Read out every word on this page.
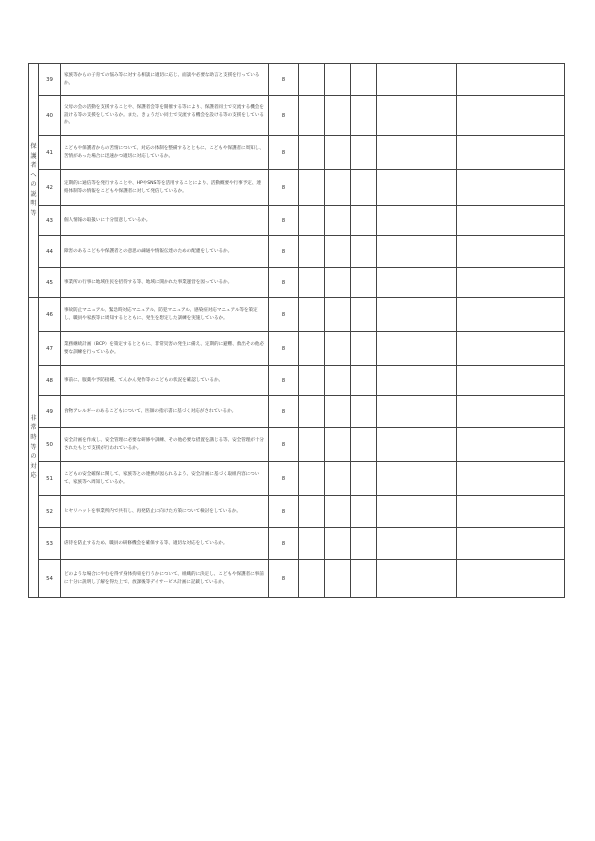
保護者への説明等	39	家族等からの子育ての悩み等に対する相談に適切に応じ、面談や必要な助言と支援を行っているか。	8					
	40	父母の会の活動を支援することや、保護者会等を開催する等により、保護者同士で交流する機会を設ける等の支援をしているか。また、きょうだい同士で交流する機会を設ける等の支援をしているか。	8					
	41	こどもや保護者からの苦情について、対応の体制を整備するとともに、こどもや保護者に周知し、苦情があった場合に迅速かつ適切に対応しているか。	8					
	42	定期的に通信等を発行することや、HPやSNS等を活用することにより、活動概要や行事予定、連絡体制等の情報をこどもや保護者に対して発信しているか。	8					
	43	個人情報の取扱いに十分留意しているか。	8					
	44	障害のあるこどもや保護者との意思の疎通や情報伝達のための配慮をしているか。	8					
	45	事業所の行事に地域住民を招待する等、地域に開かれた事業運営を図っているか。	8					
非常時等の対応	46	事故防止マニュアル、緊急時対応マニュアル、防犯マニュアル、感染症対応マニュアル等を策定し、職員や家族等に周知するとともに、発生を想定した訓練を実施しているか。	8					
	47	業務継続計画（BCP）を策定するとともに、非常災害の発生に備え、定期的に避難、救出その他必要な訓練を行っているか。	8					
	48	事前に、服薬や予防接種、てんかん発作等のこどもの状況を確認しているか。	8					
	49	食物アレルギーのあるこどもについて、医師の指示書に基づく対応がされているか。	8					
	50	安全計画を作成し、安全管理に必要な研修や訓練、その他必要な措置を講じる等、安全管理が十分されたもとで支援が行われているか。	8					
	51	こどもの安全確保に関して、家族等との連携が図られるよう、安全計画に基づく取組内容について、家族等へ周知しているか。	8					
	52	ヒヤリハットを事業所内で共有し、再発防止に向けた方策について検討をしているか。	8					
	53	虐待を防止するため、職員の研修機会を確保する等、適切な対応をしているか。	8					
	54	どのような場合にやむを得ず身体拘束を行うかについて、組織的に決定し、こどもや保護者に事前に十分に説明し了解を得た上で、放課後等デイサービス計画に記載しているか。	8					
